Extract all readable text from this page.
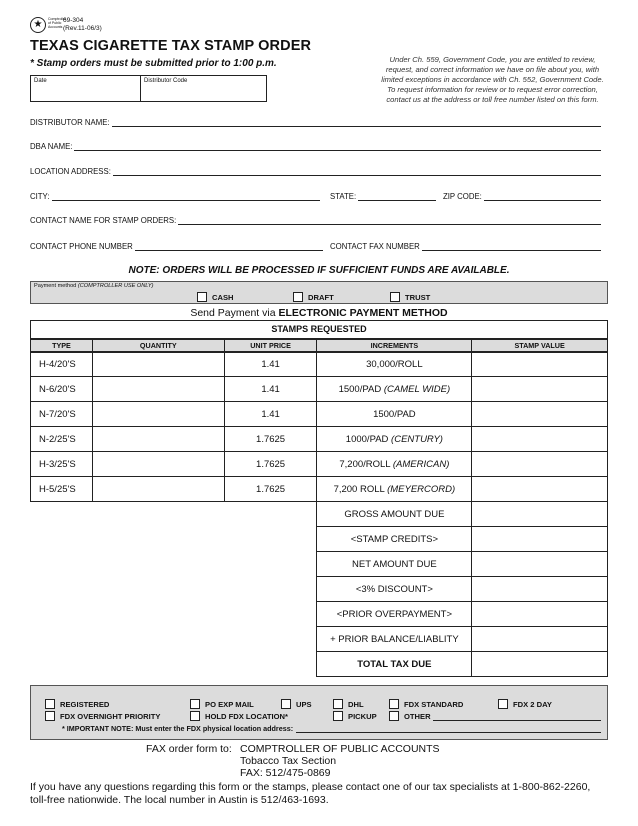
★	Comptroller of Public Accounts
69-304
(Rev.11-06/3)
TEXAS CIGARETTE TAX STAMP ORDER
* Stamp orders must be submitted prior to 1:00 p.m.	Under Ch. 559, Government Code, you are entitled to review, request, and correct information we have on file about you, with limited exceptions in accordance with Ch. 552, Government Code. To request information for review or to request error correction, contact us at the address or toll free number listed on this form.
Date	Distributor Code
DISTRIBUTOR NAME:
DBA NAME:
LOCATION ADDRESS:
CITY:	STATE:	ZIP CODE:
CONTACT NAME FOR STAMP ORDERS:
CONTACT PHONE NUMBER	CONTACT FAX NUMBER
NOTE: ORDERS WILL BE PROCESSED IF SUFFICIENT FUNDS ARE AVAILABLE.
Payment method (COMPTROLLER USE ONLY)
CASH	DRAFT	TRUST
Send Payment via ELECTRONIC PAYMENT METHOD
STAMPS REQUESTED				
TYPE	QUANTITY	UNIT PRICE	INCREMENTS	STAMP VALUE
H-4/20'S		1.41	30,000/ROLL	
N-6/20'S		1.41	1500/PAD (CAMEL WIDE)	
N-7/20'S		1.41	1500/PAD	
N-2/25'S		1.7625	1000/PAD (CENTURY)	
H-3/25'S		1.7625	7,200/ROLL (AMERICAN)	
H-5/25'S		1.7625	7,200 ROLL (MEYERCORD)	
			GROSS AMOUNT DUE	
			<STAMP CREDITS>	
			NET AMOUNT DUE	
			<3% DISCOUNT>	
			<PRIOR OVERPAYMENT>	
			+ PRIOR BALANCE/LIABLITY	
			TOTAL TAX DUE	
REGISTERED	PO EXP MAIL	UPS	DHL	FDX STANDARD	FDX 2 DAY
FDX OVERNIGHT PRIORITY	HOLD FDX LOCATION*	PICKUP	OTHER
* IMPORTANT NOTE: Must enter the FDX physical location address:
FAX order form to: COMPTROLLER OF PUBLIC ACCOUNTS
Tobacco Tax Section
FAX: 512/475-0869
If you have any questions regarding this form or the stamps, please contact one of our tax specialists at 1-800-862-2260, toll-free nationwide. The local number in Austin is 512/463-1693.
